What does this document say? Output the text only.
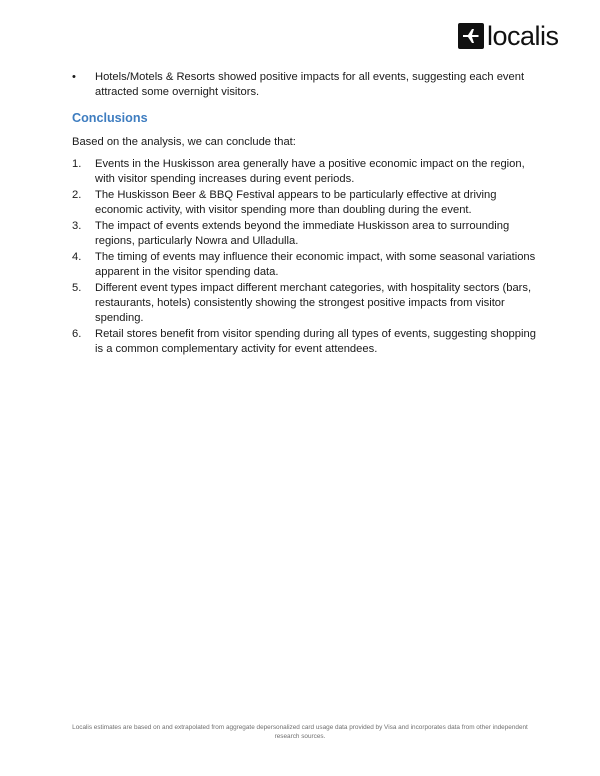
localis
•	Hotels/Motels & Resorts showed positive impacts for all events, suggesting each event attracted some overnight visitors.
Conclusions
Based on the analysis, we can conclude that:
1.	Events in the Huskisson area generally have a positive economic impact on the region, with visitor spending increases during event periods.
2.	The Huskisson Beer & BBQ Festival appears to be particularly effective at driving economic activity, with visitor spending more than doubling during the event.
3.	The impact of events extends beyond the immediate Huskisson area to surrounding regions, particularly Nowra and Ulladulla.
4.	The timing of events may influence their economic impact, with some seasonal variations apparent in the visitor spending data.
5.	Different event types impact different merchant categories, with hospitality sectors (bars, restaurants, hotels) consistently showing the strongest positive impacts from visitor spending.
6.	Retail stores benefit from visitor spending during all types of events, suggesting shopping is a common complementary activity for event attendees.
Localis estimates are based on and extrapolated from aggregate depersonalized card usage data provided by Visa and incorporates data from other independent research sources.
